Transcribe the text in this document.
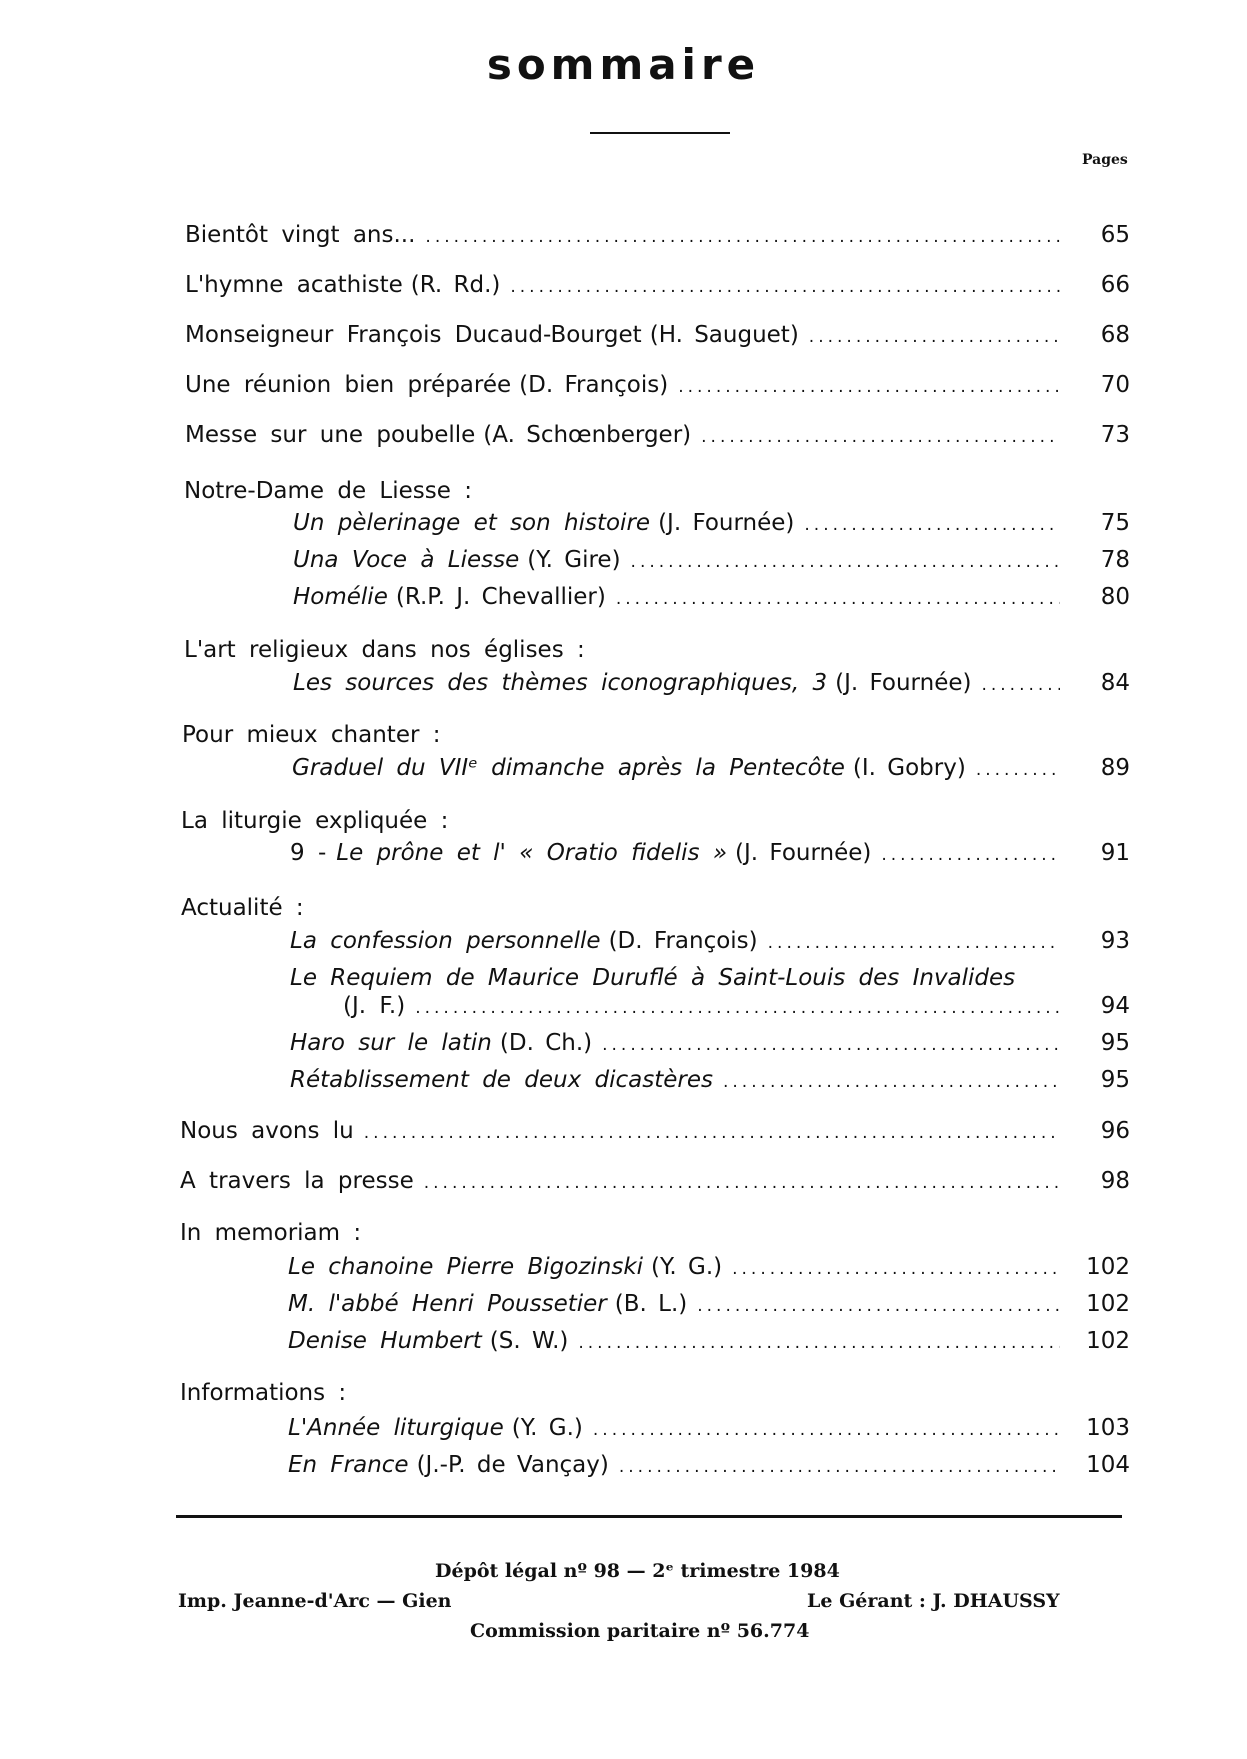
sommaire
Pages
Bientôt vingt ans... .....	65
L'hymne acathiste (R. Rd.) .....	66
Monseigneur François Ducaud-Bourget (H. Sauguet) .....	68
Une réunion bien préparée (D. François) .....	70
Messe sur une poubelle (A. Schœnberger) .....	73
Notre-Dame de Liesse :
Un pèlerinage et son histoire (J. Fournée) .....	75
Una Voce à Liesse (Y. Gire) .....	78
Homélie (R.P. J. Chevallier) .....	80
L'art religieux dans nos églises :
Les sources des thèmes iconographiques, 3 (J. Fournée) .....	84
Pour mieux chanter :
Graduel du VIIᵉ dimanche après la Pentecôte (I. Gobry) .....	89
La liturgie expliquée :
9 - Le prône et l' « Oratio fidelis » (J. Fournée) .....	91
Actualité :
La confession personnelle (D. François) .....	93
Le Requiem de Maurice Duruflé à Saint-Louis des Invalides
(J. F.) .....	94
Haro sur le latin (D. Ch.) .....	95
Rétablissement de deux dicastères .....	95
Nous avons lu .....	96
A travers la presse .....	98
In memoriam :
Le chanoine Pierre Bigozinski (Y. G.) .....	102
M. l'abbé Henri Poussetier (B. L.) .....	102
Denise Humbert (S. W.) .....	102
Informations :
L'Année liturgique (Y. G.) .....	103
En France (J.-P. de Vançay) .....	104
Dépôt légal nº 98 — 2ᵉ trimestre 1984
Imp. Jeanne-d'Arc — Gien	Le Gérant : J. DHAUSSY
Commission paritaire nº 56.774
